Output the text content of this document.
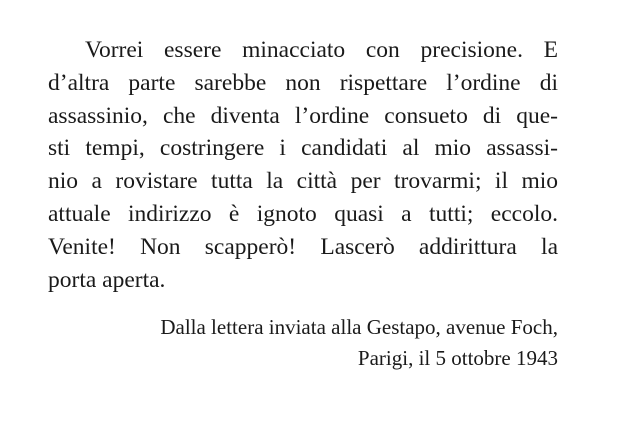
Vorrei essere minacciato con precisione. E
d’altra parte sarebbe non rispettare l’ordine di
assassinio, che diventa l’ordine consueto di que-
sti tempi, costringere i candidati al mio assassi-
nio a rovistare tutta la città per trovarmi; il mio
attuale indirizzo è ignoto quasi a tutti; eccolo.
Venite! Non scapperò! Lascerò addirittura la
porta aperta.
Dalla lettera inviata alla Gestapo, avenue Foch,
Parigi, il 5 ottobre 1943
